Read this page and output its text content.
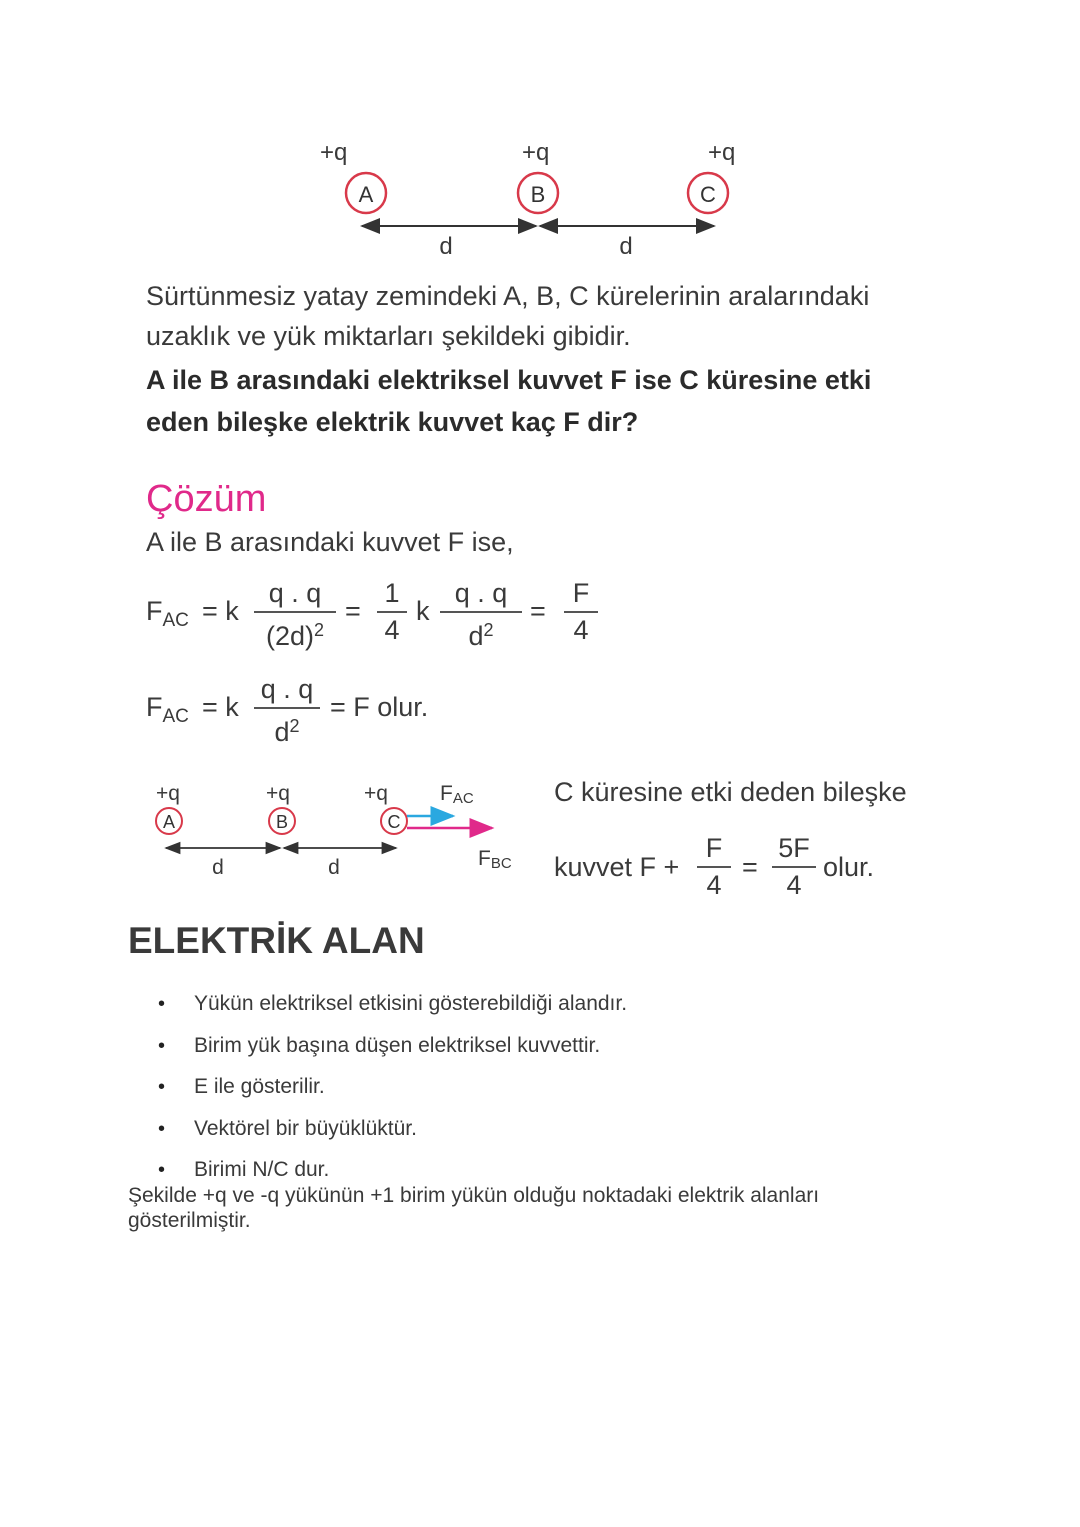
+q	+q	+q
A	B	C
d	d
Sürtünmesiz yatay zemindeki A, B, C kürelerinin aralarındaki
uzaklık ve yük miktarları şekildeki gibidir.
A ile B arasındaki elektriksel kuvvet F ise C küresine etki
eden bileşke elektrik kuvvet kaç F dir?
Çözüm
A ile B arasındaki kuvvet F ise,
$F_{AC} = k$
q . q
$(2d)^2$
=
1
4
k
q . q
$d^2$
=
F
4
$F_{AC} = k$
q . q
$d^2$
= F olur.
+q	+q	+q FAC
A	B	C
d	d	FBC
C küresine etki deden bileşke
kuvvet F +
F
4
=
5F
4
olur.
ELEKTRİK ALAN
• Yükün elektriksel etkisini gösterebildiği alandır.
• Birim yük başına düşen elektriksel kuvvettir.
• E ile gösterilir.
• Vektörel bir büyüklüktür.
• Birimi N/C dur.
Şekilde +q ve -q yükünün +1 birim yükün olduğu noktadaki elektrik alanları gösterilmiştir.
